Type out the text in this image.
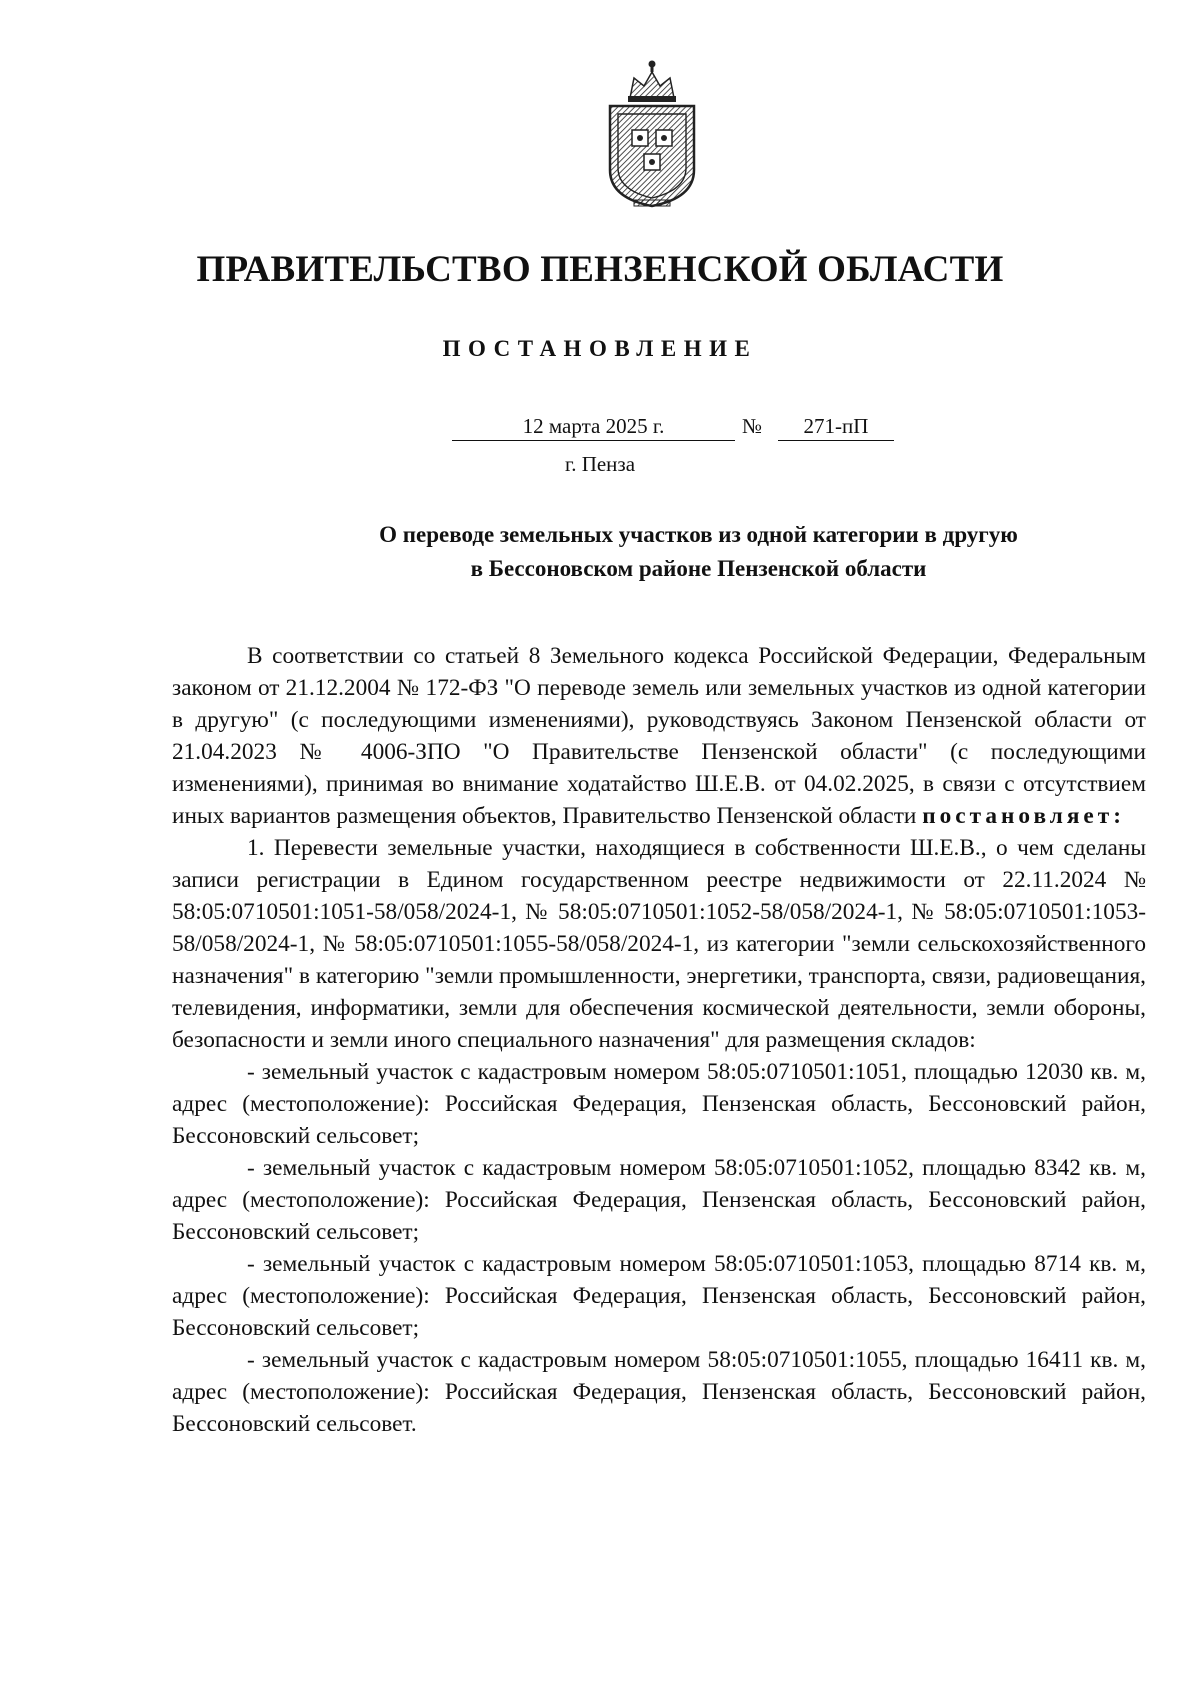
ПРАВИТЕЛЬСТВО ПЕНЗЕНСКОЙ ОБЛАСТИ
ПОСТАНОВЛЕНИЕ
12 марта 2025 г.	№	271-пП
г. Пенза
О переводе земельных участков из одной категории в другую
в Бессоновском районе Пензенской области

В соответствии со статьей 8 Земельного кодекса Российской Федерации, Федеральным законом от 21.12.2004 № 172-ФЗ "О переводе земель или земельных участков из одной категории в другую" (с последующими изменениями), руководствуясь Законом Пензенской области от 21.04.2023 № 4006-ЗПО "О Правительстве Пензенской области" (с последующими изменениями), принимая во внимание ходатайство Ш.Е.В. от 04.02.2025, в связи с отсутствием иных вариантов размещения объектов, Правительство Пензенской области постановляет:

1. Перевести земельные участки, находящиеся в собственности Ш.Е.В., о чем сделаны записи регистрации в Едином государственном реестре недвижимости от 22.11.2024 № 58:05:0710501:1051-58/058/2024-1, № 58:05:0710501:1052-58/058/2024-1, № 58:05:0710501:1053-58/058/2024-1, № 58:05:0710501:1055-58/058/2024-1, из категории "земли сельскохозяйственного назначения" в категорию "земли промышленности, энергетики, транспорта, связи, радиовещания, телевидения, информатики, земли для обеспечения космической деятельности, земли обороны, безопасности и земли иного специального назначения" для размещения складов:

- земельный участок с кадастровым номером 58:05:0710501:1051, площадью 12030 кв. м, адрес (местоположение): Российская Федерация, Пензенская область, Бессоновский район, Бессоновский сельсовет;

- земельный участок с кадастровым номером 58:05:0710501:1052, площадью 8342 кв. м, адрес (местоположение): Российская Федерация, Пензенская область, Бессоновский район, Бессоновский сельсовет;

- земельный участок с кадастровым номером 58:05:0710501:1053, площадью 8714 кв. м, адрес (местоположение): Российская Федерация, Пензенская область, Бессоновский район, Бессоновский сельсовет;

- земельный участок с кадастровым номером 58:05:0710501:1055, площадью 16411 кв. м, адрес (местоположение): Российская Федерация, Пензенская область, Бессоновский район, Бессоновский сельсовет.
